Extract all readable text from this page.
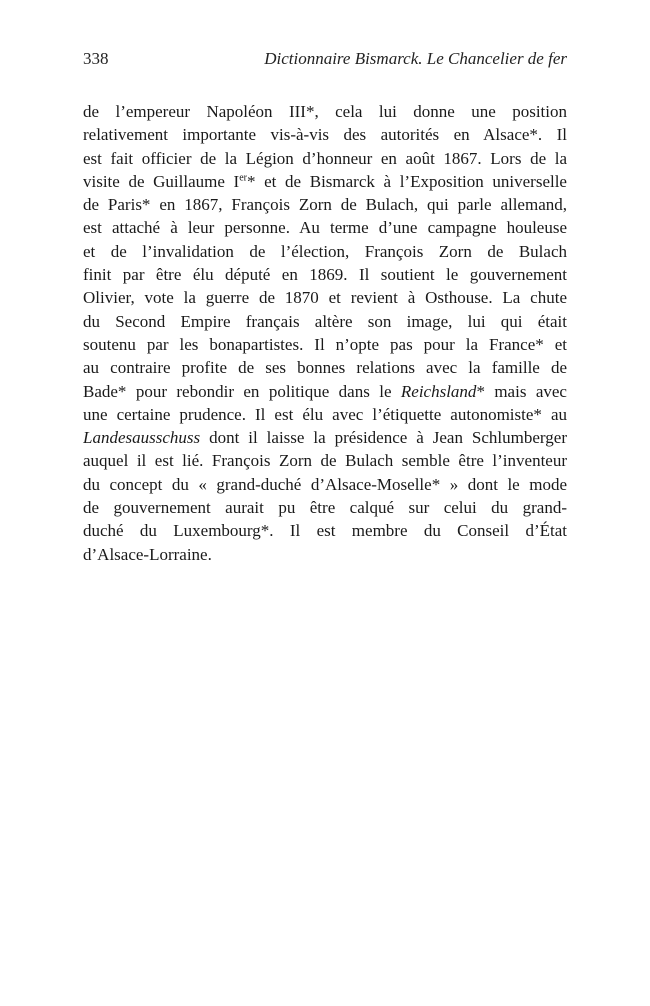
338	Dictionnaire Bismarck. Le Chancelier de fer
de l’empereur Napoléon III*, cela lui donne une position
relativement importante vis-à-vis des autorités en Alsace*. Il
est fait officier de la Légion d’honneur en août 1867. Lors de la
visite de Guillaume Ier* et de Bismarck à l’Exposition universelle
de Paris* en 1867, François Zorn de Bulach, qui parle allemand,
est attaché à leur personne. Au terme d’une campagne houleuse
et de l’invalidation de l’élection, François Zorn de Bulach
finit par être élu député en 1869. Il soutient le gouvernement
Olivier, vote la guerre de 1870 et revient à Osthouse. La chute
du Second Empire français altère son image, lui qui était
soutenu par les bonapartistes. Il n’opte pas pour la France* et
au contraire profite de ses bonnes relations avec la famille de
Bade* pour rebondir en politique dans le Reichsland* mais avec
une certaine prudence. Il est élu avec l’étiquette autonomiste* au
Landesausschuss dont il laisse la présidence à Jean Schlumberger
auquel il est lié. François Zorn de Bulach semble être l’inventeur
du concept du « grand-duché d’Alsace-Moselle* » dont le mode
de gouvernement aurait pu être calqué sur celui du grand-
duché du Luxembourg*. Il est membre du Conseil d’État
d’Alsace-Lorraine.
